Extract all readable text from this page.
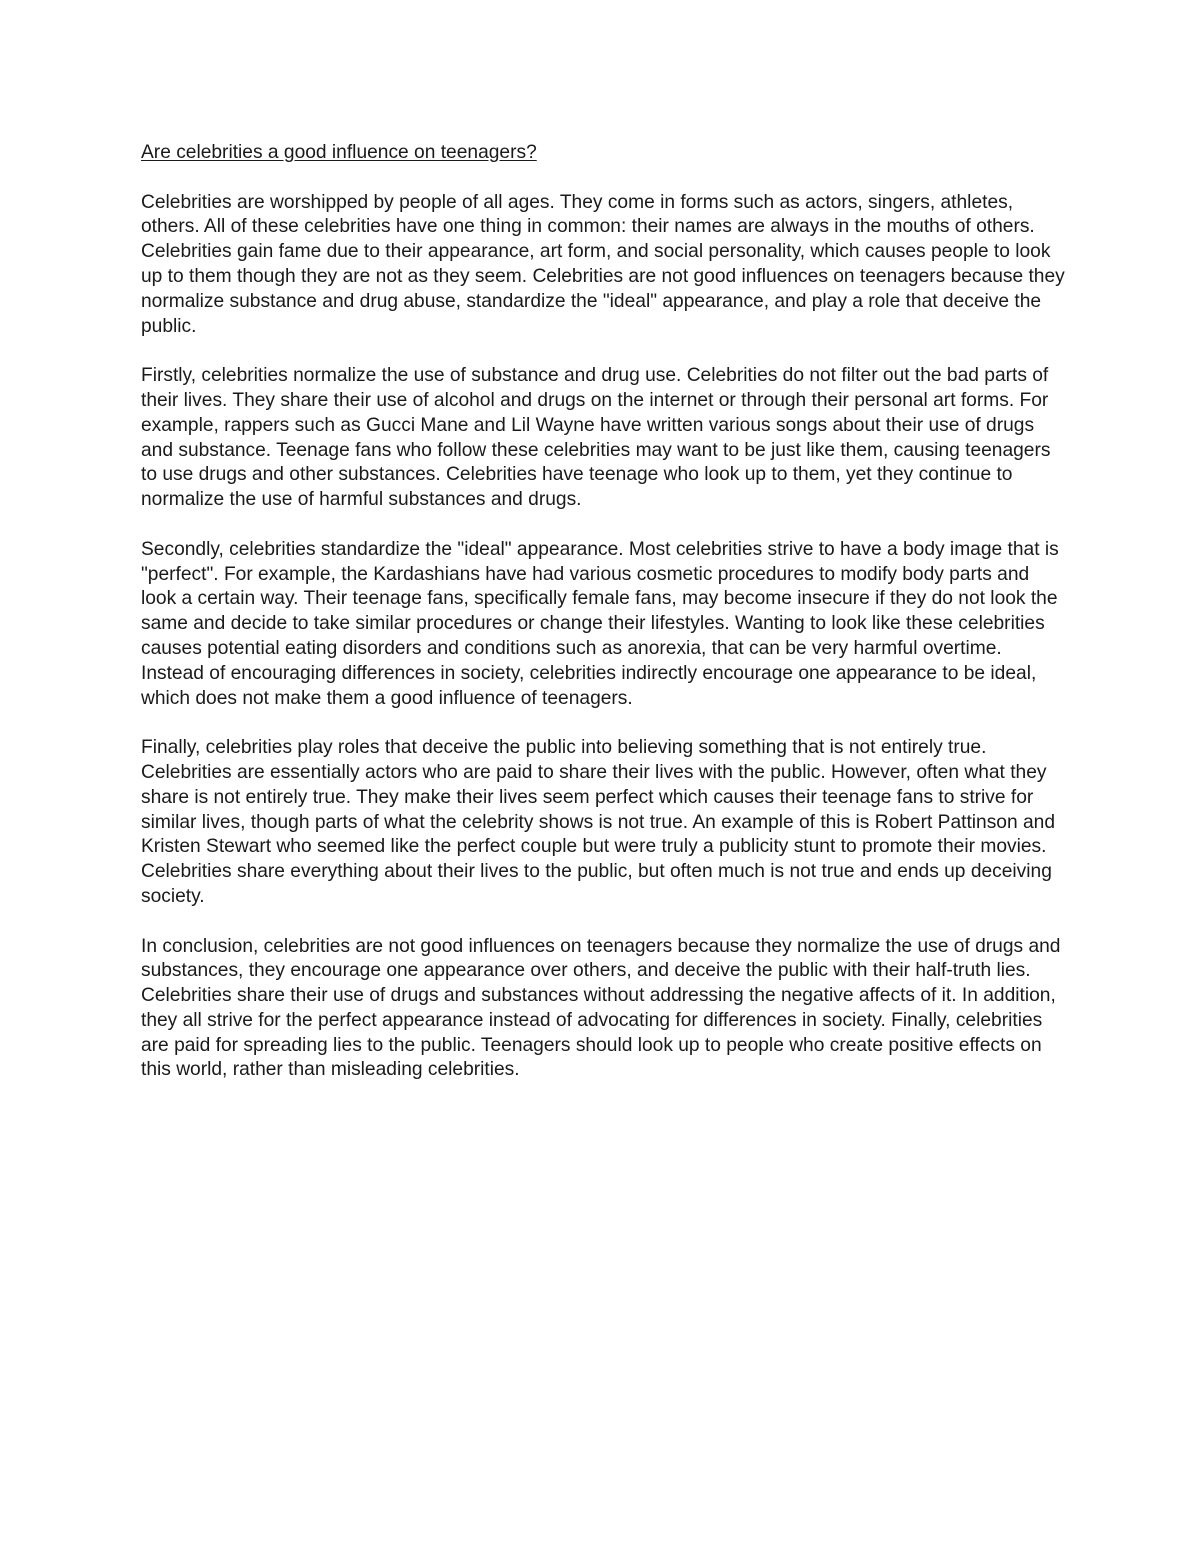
Are celebrities a good influence on teenagers?

Celebrities are worshipped by people of all ages. They come in forms such as actors, singers, athletes, others. All of these celebrities have one thing in common: their names are always in the mouths of others. Celebrities gain fame due to their appearance, art form, and social personality, which causes people to look up to them though they are not as they seem. Celebrities are not good influences on teenagers because they normalize substance and drug abuse, standardize the "ideal" appearance, and play a role that deceive the public.

Firstly, celebrities normalize the use of substance and drug use. Celebrities do not filter out the bad parts of their lives. They share their use of alcohol and drugs on the internet or through their personal art forms. For example, rappers such as Gucci Mane and Lil Wayne have written various songs about their use of drugs and substance. Teenage fans who follow these celebrities may want to be just like them, causing teenagers to use drugs and other substances. Celebrities have teenage who look up to them, yet they continue to normalize the use of harmful substances and drugs.

Secondly, celebrities standardize the "ideal" appearance. Most celebrities strive to have a body image that is "perfect". For example, the Kardashians have had various cosmetic procedures to modify body parts and look a certain way. Their teenage fans, specifically female fans, may become insecure if they do not look the same and decide to take similar procedures or change their lifestyles. Wanting to look like these celebrities causes potential eating disorders and conditions such as anorexia, that can be very harmful overtime. Instead of encouraging differences in society, celebrities indirectly encourage one appearance to be ideal, which does not make them a good influence of teenagers.

Finally, celebrities play roles that deceive the public into believing something that is not entirely true. Celebrities are essentially actors who are paid to share their lives with the public. However, often what they share is not entirely true. They make their lives seem perfect which causes their teenage fans to strive for similar lives, though parts of what the celebrity shows is not true. An example of this is Robert Pattinson and Kristen Stewart who seemed like the perfect couple but were truly a publicity stunt to promote their movies. Celebrities share everything about their lives to the public, but often much is not true and ends up deceiving society.

In conclusion, celebrities are not good influences on teenagers because they normalize the use of drugs and substances, they encourage one appearance over others, and deceive the public with their half-truth lies. Celebrities share their use of drugs and substances without addressing the negative affects of it. In addition, they all strive for the perfect appearance instead of advocating for differences in society. Finally, celebrities are paid for spreading lies to the public. Teenagers should look up to people who create positive effects on this world, rather than misleading celebrities.
